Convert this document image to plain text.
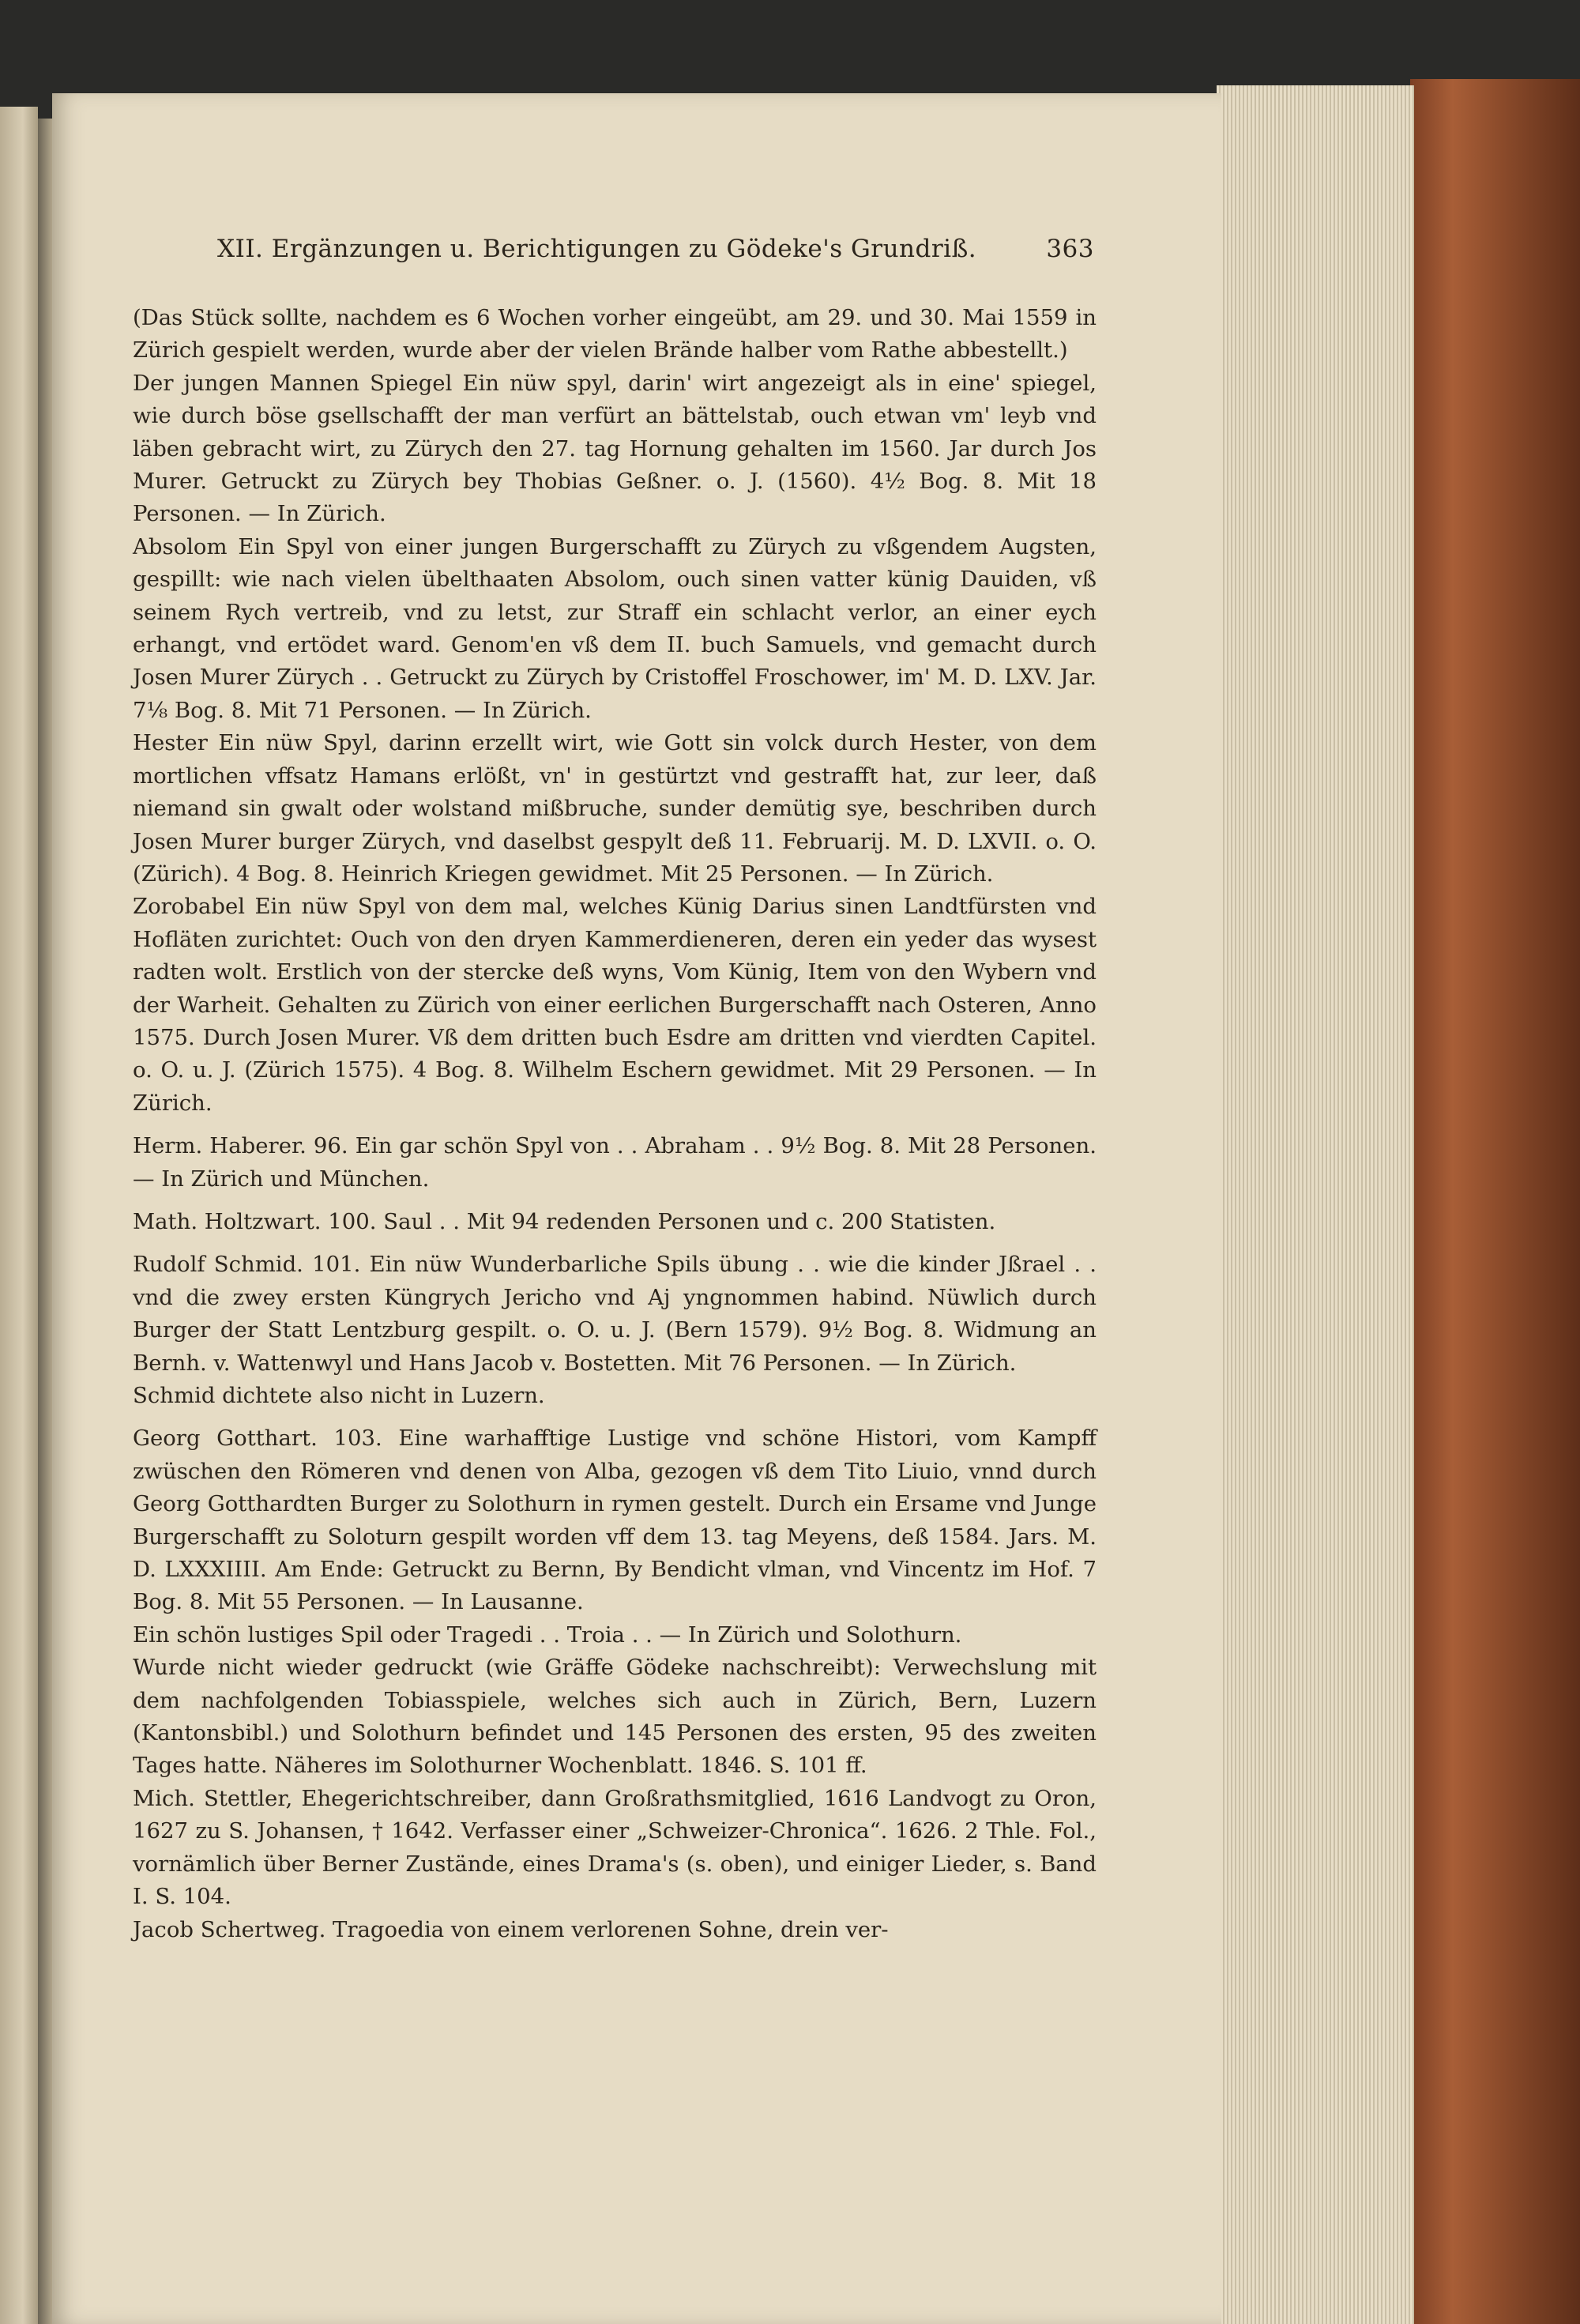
XII. Ergänzungen u. Berichtigungen zu Gödeke's Grundriß.	363

(Das Stück sollte, nachdem es 6 Wochen vorher eingeübt, am 29. und 30. Mai 1559 in Zürich gespielt werden, wurde aber der vielen Brände halber vom Rathe abbestellt.)

Der jungen Mannen Spiegel Ein nüw spyl, darin' wirt angezeigt als in eine' spiegel, wie durch böse gsellschafft der man verfürt an bättelstab, ouch etwan vm' leyb vnd läben gebracht wirt, zu Zürych den 27. tag Hornung gehalten im 1560. Jar durch Jos Murer. Getruckt zu Zürych bey Thobias Geßner. o. J. (1560). 4½ Bog. 8. Mit 18 Personen. — In Zürich.

Absolom Ein Spyl von einer jungen Burgerschafft zu Zürych zu vßgendem Augsten, gespillt: wie nach vielen übelthaaten Absolom, ouch sinen vatter künig Dauiden, vß seinem Rych vertreib, vnd zu letst, zur Straff ein schlacht verlor, an einer eych erhangt, vnd ertödet ward. Genom'en vß dem II. buch Samuels, vnd gemacht durch Josen Murer Zürych . . Getruckt zu Zürych by Cristoffel Froschower, im' M. D. LXV. Jar. 7⅛ Bog. 8. Mit 71 Personen. — In Zürich.

Hester Ein nüw Spyl, darinn erzellt wirt, wie Gott sin volck durch Hester, von dem mortlichen vffsatz Hamans erlößt, vn' in gestürtzt vnd gestrafft hat, zur leer, daß niemand sin gwalt oder wolstand mißbruche, sunder demütig sye, beschriben durch Josen Murer burger Zürych, vnd daselbst gespylt deß 11. Februarij. M. D. LXVII. o. O. (Zürich). 4 Bog. 8. Heinrich Kriegen gewidmet. Mit 25 Personen. — In Zürich.

Zorobabel Ein nüw Spyl von dem mal, welches Künig Darius sinen Landtfürsten vnd Hofläten zurichtet: Ouch von den dryen Kammerdieneren, deren ein yeder das wysest radten wolt. Erstlich von der stercke deß wyns, Vom Künig, Item von den Wybern vnd der Warheit. Gehalten zu Zürich von einer eerlichen Burgerschafft nach Osteren, Anno 1575. Durch Josen Murer. Vß dem dritten buch Esdre am dritten vnd vierdten Capitel. o. O. u. J. (Zürich 1575). 4 Bog. 8. Wilhelm Eschern gewidmet. Mit 29 Personen. — In Zürich.

Herm. Haberer. 96. Ein gar schön Spyl von . . Abraham . . 9½ Bog. 8. Mit 28 Personen. — In Zürich und München.

Math. Holtzwart. 100. Saul . . Mit 94 redenden Personen und c. 200 Statisten.

Rudolf Schmid. 101. Ein nüw Wunderbarliche Spils übung . . wie die kinder Jßrael . . vnd die zwey ersten Küngrych Jericho vnd Aj yngnommen habind. Nüwlich durch Burger der Statt Lentzburg gespilt. o. O. u. J. (Bern 1579). 9½ Bog. 8. Widmung an Bernh. v. Wattenwyl und Hans Jacob v. Bostetten. Mit 76 Personen. — In Zürich.

Schmid dichtete also nicht in Luzern.

Georg Gotthart. 103. Eine warhafftige Lustige vnd schöne Histori, vom Kampff zwüschen den Römeren vnd denen von Alba, gezogen vß dem Tito Liuio, vnnd durch Georg Gotthardten Burger zu Solothurn in rymen gestelt. Durch ein Ersame vnd Junge Burgerschafft zu Soloturn gespilt worden vff dem 13. tag Meyens, deß 1584. Jars. M. D. LXXXIIII. Am Ende: Getruckt zu Bernn, By Bendicht vlman, vnd Vincentz im Hof. 7 Bog. 8. Mit 55 Personen. — In Lausanne.

Ein schön lustiges Spil oder Tragedi . . Troia . . — In Zürich und Solothurn.

Wurde nicht wieder gedruckt (wie Gräffe Gödeke nachschreibt): Verwechslung mit dem nachfolgenden Tobiasspiele, welches sich auch in Zürich, Bern, Luzern (Kantonsbibl.) und Solothurn befindet und 145 Personen des ersten, 95 des zweiten Tages hatte. Näheres im Solothurner Wochenblatt. 1846. S. 101 ff.

Mich. Stettler, Ehegerichtschreiber, dann Großrathsmitglied, 1616 Landvogt zu Oron, 1627 zu S. Johansen, † 1642. Verfasser einer „Schweizer-Chronica“. 1626. 2 Thle. Fol., vornämlich über Berner Zustände, eines Drama's (s. oben), und einiger Lieder, s. Band I. S. 104.

Jacob Schertweg. Tragoedia von einem verlorenen Sohne, drein ver-
